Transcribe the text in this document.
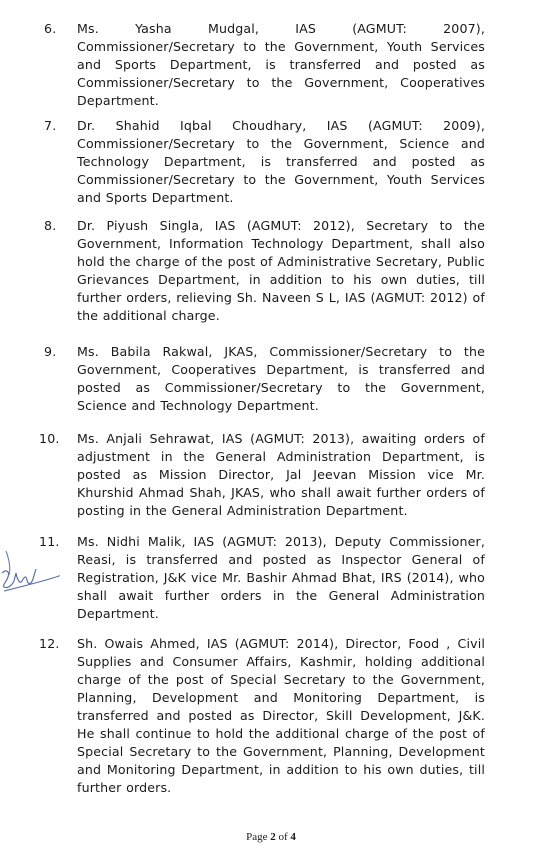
6.	Ms. Yasha Mudgal, IAS (AGMUT: 2007), Commissioner/Secretary to the Government, Youth Services and Sports Department, is transferred and posted as Commissioner/Secretary to the Government, Cooperatives Department.
7.	Dr. Shahid Iqbal Choudhary, IAS (AGMUT: 2009), Commissioner/Secretary to the Government, Science and Technology Department, is transferred and posted as Commissioner/Secretary to the Government, Youth Services and Sports Department.
8.	Dr. Piyush Singla, IAS (AGMUT: 2012), Secretary to the Government, Information Technology Department, shall also hold the charge of the post of Administrative Secretary, Public Grievances Department, in addition to his own duties, till further orders, relieving Sh. Naveen S L, IAS (AGMUT: 2012) of the additional charge.
9.	Ms. Babila Rakwal, JKAS, Commissioner/Secretary to the Government, Cooperatives Department, is transferred and posted as Commissioner/Secretary to the Government, Science and Technology Department.
10.	Ms. Anjali Sehrawat, IAS (AGMUT: 2013), awaiting orders of adjustment in the General Administration Department, is posted as Mission Director, Jal Jeevan Mission vice Mr. Khurshid Ahmad Shah, JKAS, who shall await further orders of posting in the General Administration Department.
11.	Ms. Nidhi Malik, IAS (AGMUT: 2013), Deputy Commissioner, Reasi, is transferred and posted as Inspector General of Registration, J&K vice Mr. Bashir Ahmad Bhat, IRS (2014), who shall await further orders in the General Administration Department.
12.	Sh. Owais Ahmed, IAS (AGMUT: 2014), Director, Food , Civil Supplies and Consumer Affairs, Kashmir, holding additional charge of the post of Special Secretary to the Government, Planning, Development and Monitoring Department, is transferred and posted as Director, Skill Development, J&K. He shall continue to hold the additional charge of the post of Special Secretary to the Government, Planning, Development and Monitoring Department, in addition to his own duties, till further orders.
Page 2 of 4
